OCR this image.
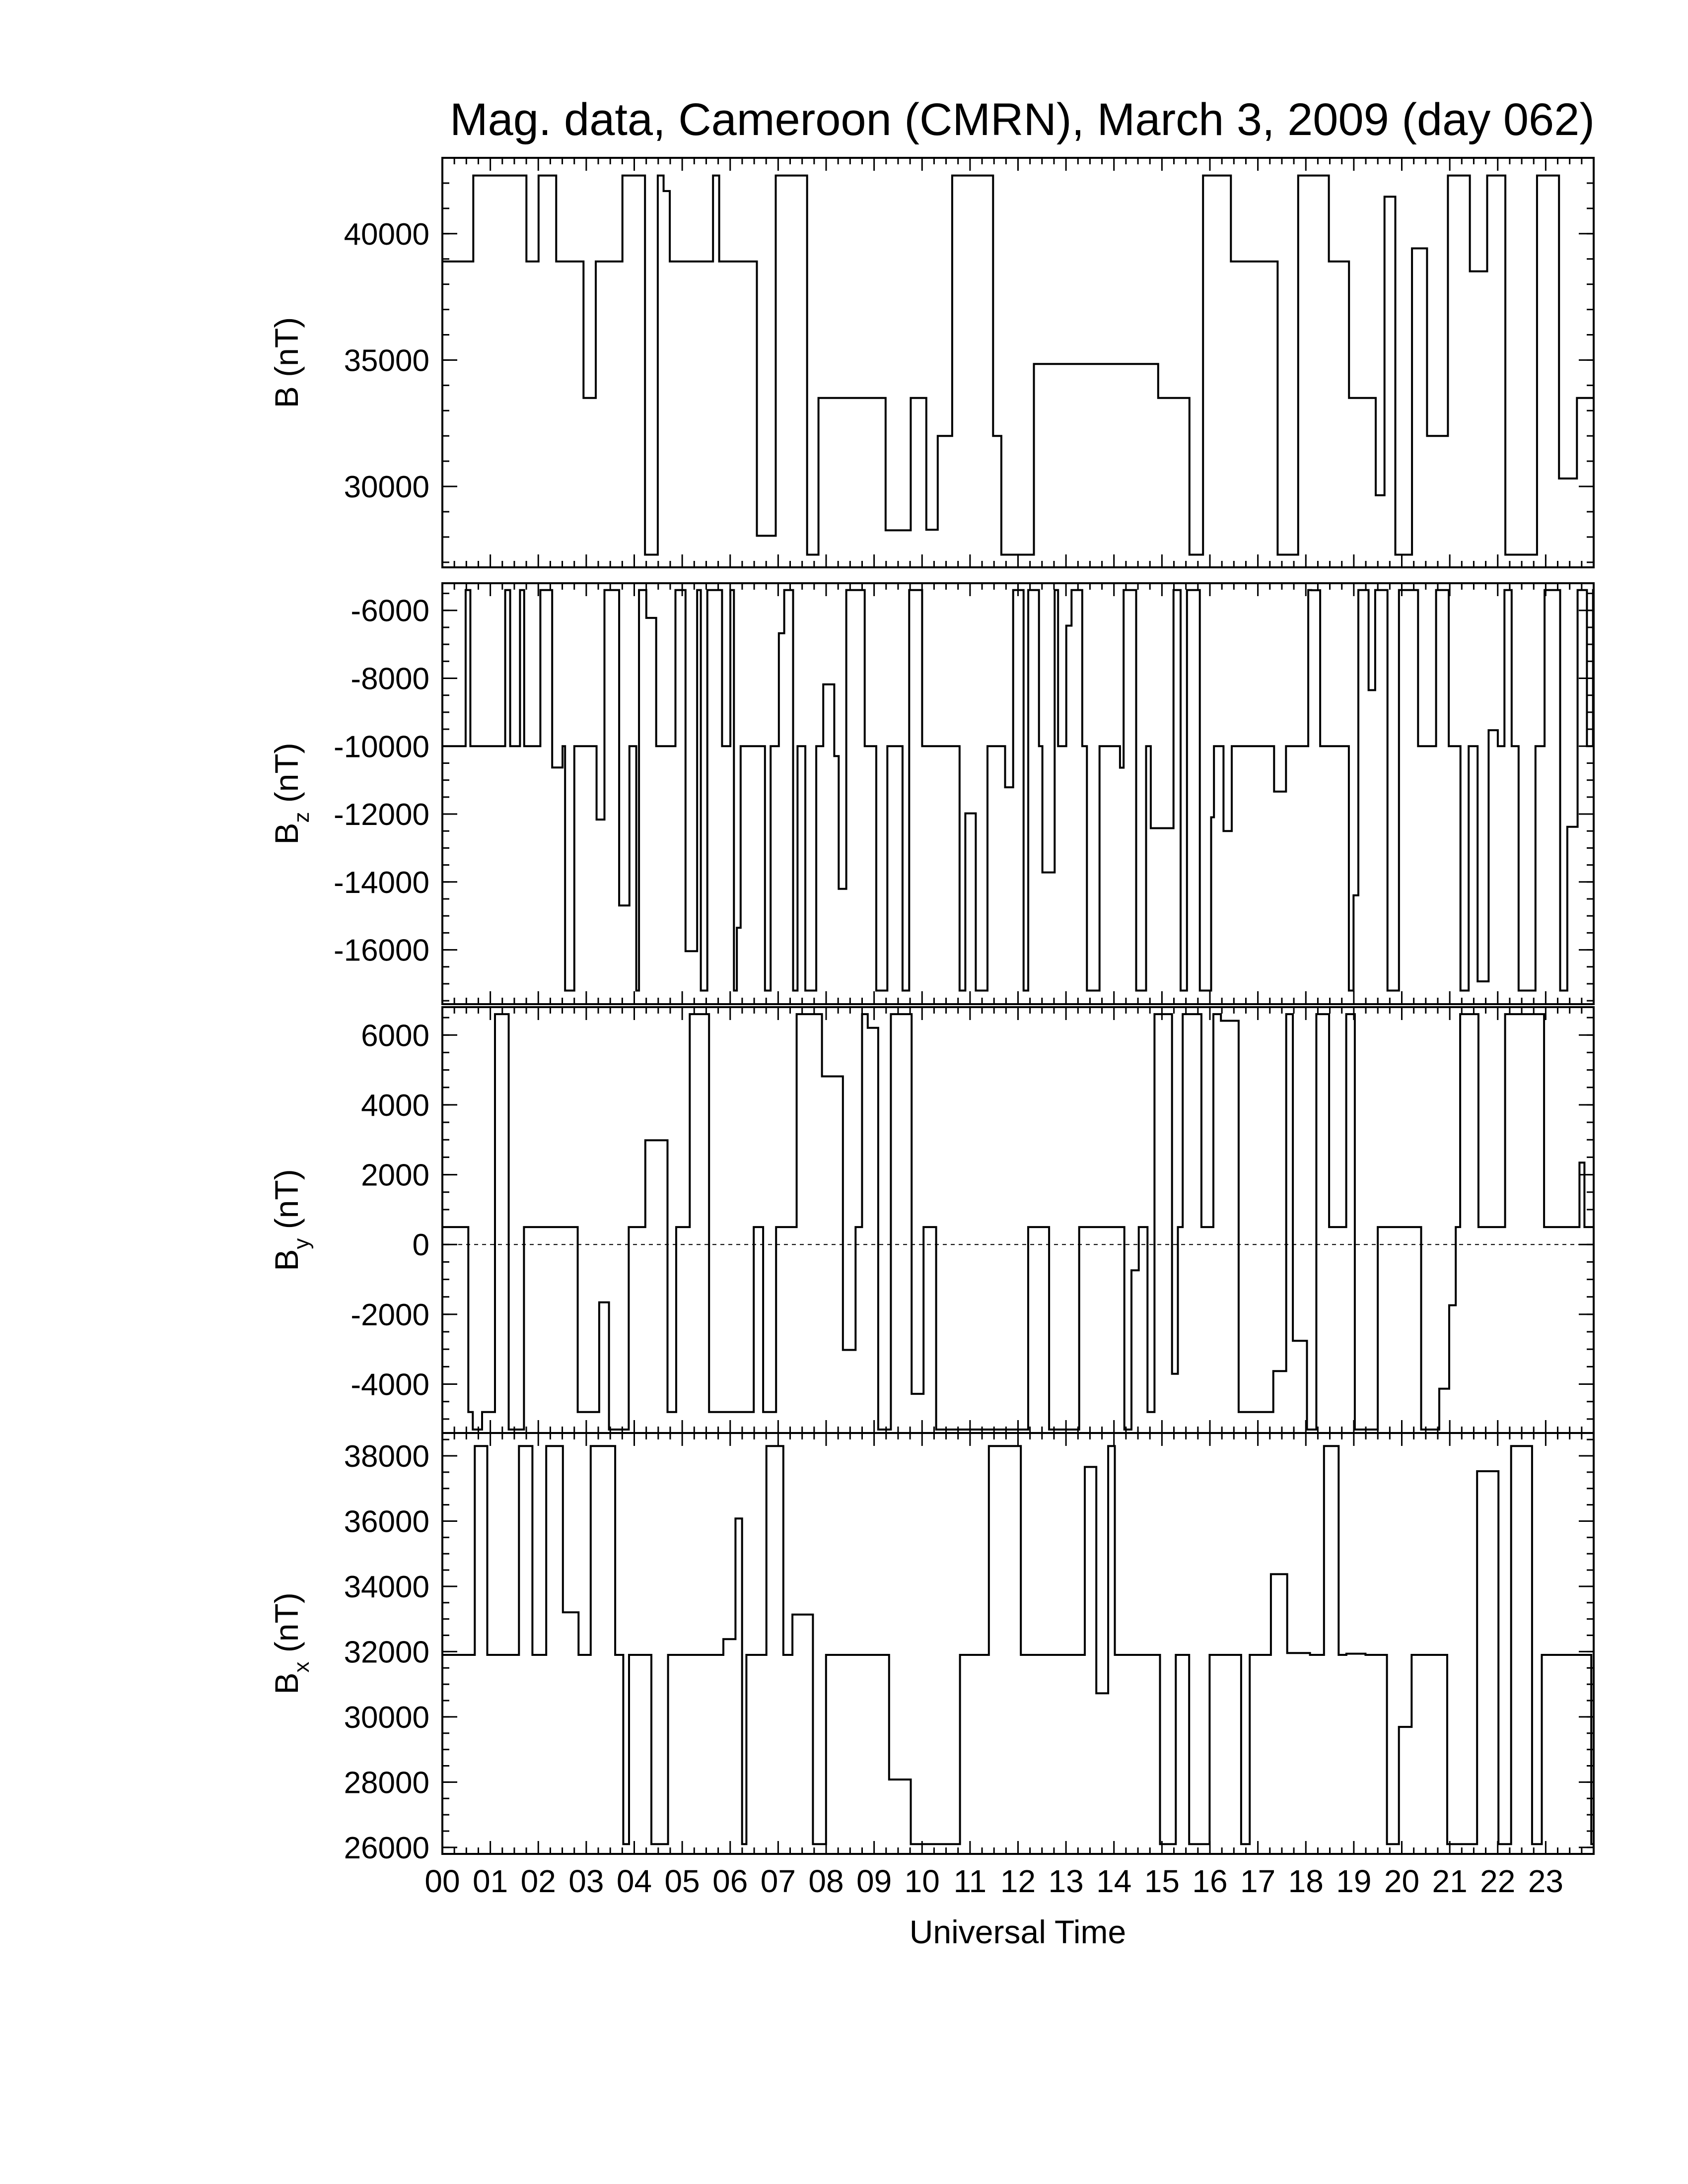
Mag. data, Cameroon (CMRN), March 3, 2009 (day 062)
30000
35000
40000
B (nT)
-16000
-14000
-12000
-10000
-8000
-6000
$B_z$ (nT)
-4000
-2000
0
2000
4000
6000
$B_y$ (nT)
26000
28000
30000
32000
34000
36000
38000
$B_x$ (nT)
00 01 02 03 04 05 06 07 08 09 10 11 12 13 14 15 16 17 18 19 20 21 22 23
Universal Time
